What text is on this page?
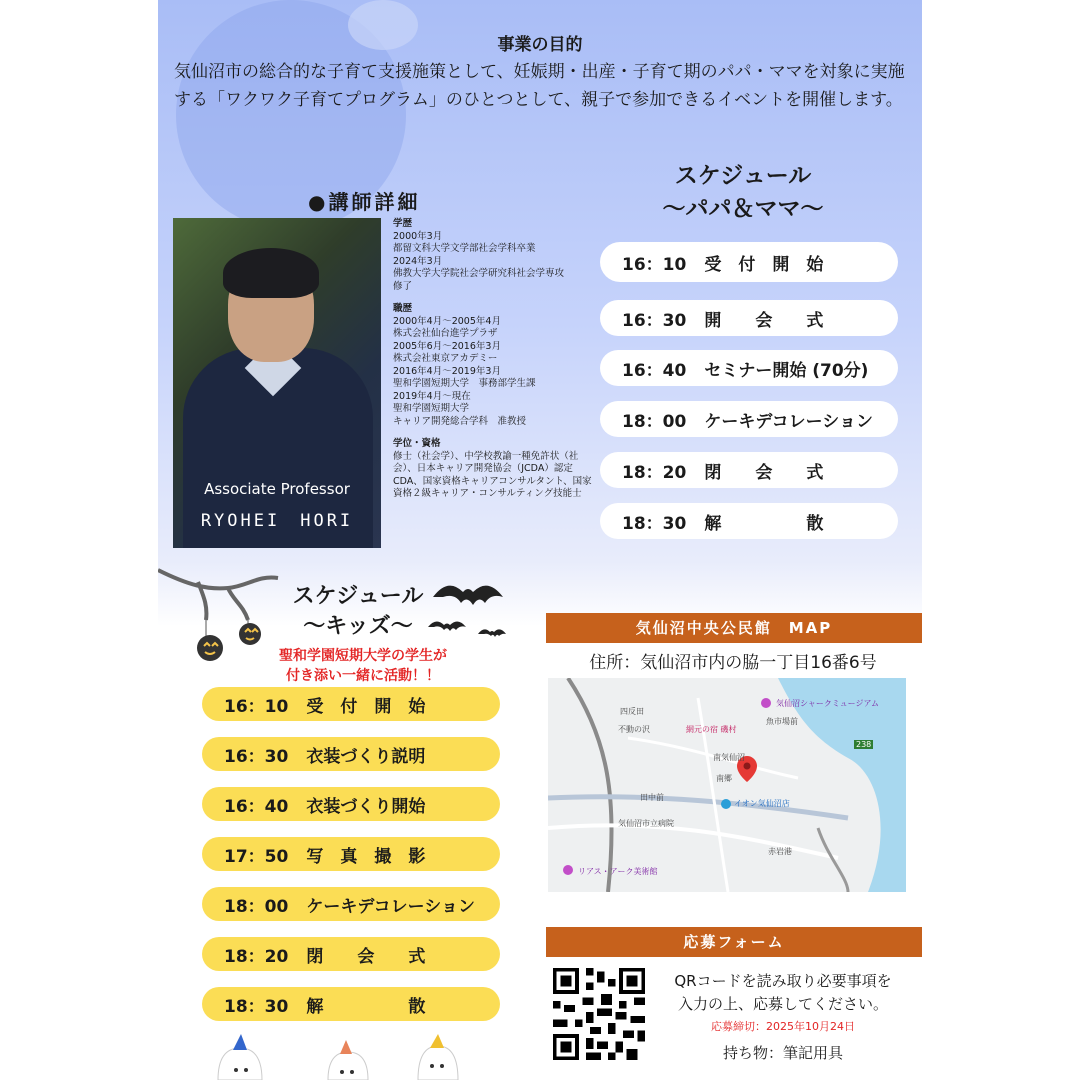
事業の目的
気仙沼市の総合的な子育て支援施策として、妊娠期・出産・子育て期のパパ・ママを対象に実施する「ワクワク子育てプログラム」のひとつとして、親子で参加できるイベントを開催します。
●講師詳細
Associate Professor
RYOHEI　HORI
学歴
2000年3月
都留文科大学文学部社会学科卒業
2024年3月
佛教大学大学院社会学研究科社会学専攻
修了
職歴
2000年4月～2005年4月
株式会社仙台進学プラザ
2005年6月～2016年3月
株式会社東京アカデミー
2016年4月～2019年3月
聖和学園短期大学　事務部学生課
2019年4月～現在
聖和学園短期大学
キャリア開発総合学科　准教授
学位・資格
修士（社会学）、中学校教諭一種免許状（社会）、日本キャリア開発協会（JCDA）認定CDA、国家資格キャリアコンサルタント、国家資格２級キャリア・コンサルティング技能士
スケジュール
～パパ＆ママ～
16：10 受　付　開　始
16：30 開　　会　　式
16：40 セミナー開始 (70分)
18：00 ケーキデコレーション
18：20 閉　　会　　式
18：30 解　　　　　散
スケジュール
～キッズ～
聖和学園短期大学の学生が
付き添い一緒に活動！！
16：10 受　付　開　始
16：30 衣装づくり説明
16：40 衣装づくり開始
17：50 写　真　撮　影
18：00 ケーキデコレーション
18：20 閉　　会　　式
18：30 解　　　　　散
気仙沼中央公民館　MAP
住所：気仙沼市内の脇一丁目16番6号
四反田
不動の沢	網元の宿 磯村
南気仙沼
南郷
田中前
イオン気仙沼店
気仙沼市立病院
赤岩港
リアス・アーク美術館
気仙沼シャークミュージアム
魚市場前
238
応募フォーム
QRコードを読み取り必要事項を
入力の上、応募してください。
応募締切：2025年10月24日
持ち物：筆記用具
